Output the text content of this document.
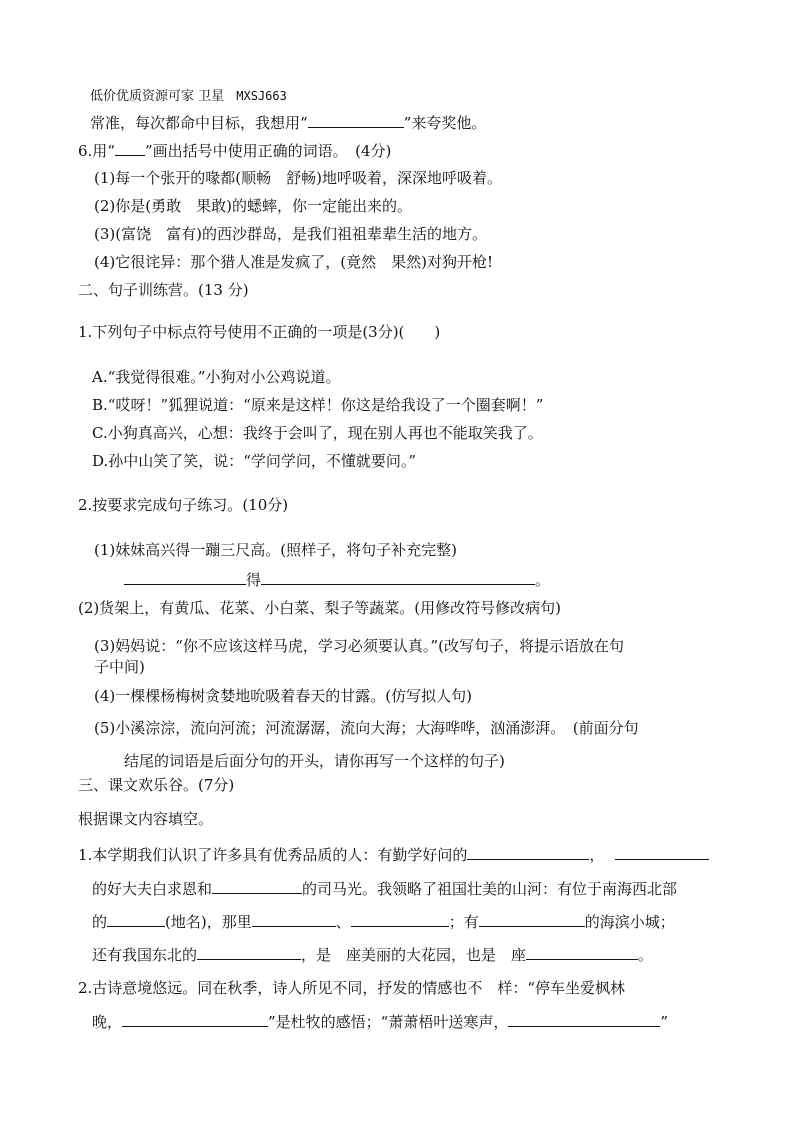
低价优质资源可家 卫星 MXSJ663
常准，每次都命中目标，我想用“	”来夸奖他。
6.用“ ”画出括号中使用正确的词语。　(4分)
(1)每一个张开的喙都(顺畅　舒畅)地呼吸着，深深地呼吸着。
(2)你是(勇敢　果敢)的蟋蟀，你一定能出来的。
(3)(富饶　富有)的西沙群岛，是我们祖祖辈辈生活的地方。
(4)它很诧异：那个猎人准是发疯了，(竟然　果然)对狗开枪!
二、句子训练营。(13 分)
1.下列句子中标点符号使用不正确的一项是(3分)(　　)
A.“我觉得很难。”小狗对小公鸡说道。
B.“哎呀！”狐狸说道：“原来是这样！你这是给我设了一个圈套啊！”
C.小狗真高兴，心想：我终于会叫了，现在别人再也不能取笑我了。
D.孙中山笑了笑，说：“学问学问，不懂就要问。”
2.按要求完成句子练习。(10分)
(1)妹妹高兴得一蹦三尺高。(照样子，将句子补充完整)
得	。
(2)货架上，有黄瓜、花菜、小白菜、梨子等蔬菜。(用修改符号修改病句)
(3)妈妈说：“你不应该这样马虎，学习必须要认真。”(改写句子，将提示语放在句
子中间)
(4)一棵棵杨梅树贪婪地吮吸着春天的甘露。(仿写拟人句)
(5)小溪淙淙，流向河流；河流潺潺，流向大海；大海哗哗，汹涌澎湃。　(前面分句
结尾的词语是后面分句的开头，请你再写一个这样的句子)
三、课文欢乐谷。(7分)
根据课文内容填空。
1.本学期我们认识了许多具有优秀品质的人：有勤学好问的	，
的好大夫白求恩和	的司马光。我领略了祖国壮美的山河：有位于南海西北部
的	(地名)，那里	、	；有	的海滨小城；
还有我国东北的	，是　座美丽的大花园，也是　座	。
2.古诗意境悠远。同在秋季，诗人所见不同，抒发的情感也不　样：“停车坐爱枫林
晚，	”是杜牧的感悟；“萧萧梧叶送寒声，	”
